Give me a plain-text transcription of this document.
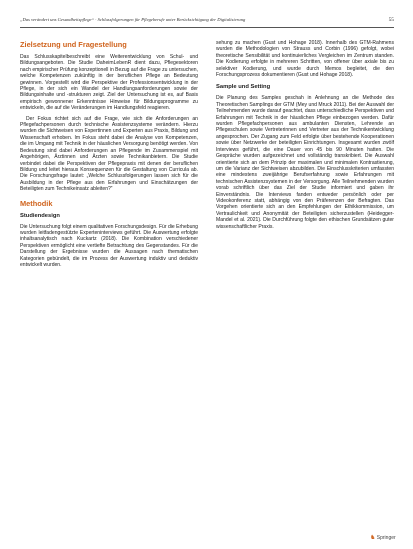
„Das verändert uns Gesundheitspflege“ · Schlussfolgerungen für Pflegeberufe unter Berücksichtigung der Digitalisierung	55
Zielsetzung und Fragestellung

Das Schlusskapitelbeschreibt eine Weiterentwicklung von Schul- und Bildungsangeboten. Die Studie DaheimLebenR dient dazu, Pflegesektoren nach empirischer Prüfung konzeptionell in Bezug auf die Frage zu untersuchen, welche Kompetenzen zukünftig in der beruflichen Pflege an Bedeutung gewinnen. Vorgestellt wird die Perspektive der Professionsentwicklung in der Pflege, in der sich ein Wandel der Handlungsanforderungen sowie der Bildungsinhalte und -strukturen zeigt. Ziel der Untersuchung ist es, auf Basis empirisch gewonnener Erkenntnisse Hinweise für Bildungsprogramme zu entwickeln, die auf die Veränderungen im Handlungsfeld reagieren.

Der Fokus richtet sich auf die Frage, wie sich die Anforderungen an Pflegefachpersonen durch technische Assistenzsysteme verändern. Hierzu wurden die Sichtweisen von Expertinnen und Experten aus Praxis, Bildung und Wissenschaft erhoben. Im Fokus steht dabei die Analyse von Kompetenzen, die im Umgang mit Technik in der häuslichen Versorgung benötigt werden. Von Bedeutung sind dabei Anforderungen an Pflegende im Zusammenspiel mit Angehörigen, Ärztinnen und Ärzten sowie Technikanbietern. Die Studie verbindet dabei die Perspektiven der Pflegepraxis mit denen der beruflichen Bildung und leitet hieraus Konsequenzen für die Gestaltung von Curricula ab. Die Forschungsfrage lautet: „Welche Schlussfolgerungen lassen sich für die Ausbildung in der Pflege aus den Erfahrungen und Einschätzungen der Beteiligten zum Technikeinsatz ableiten?“

Methodik
Studiendesign

Die Untersuchung folgt einem qualitativen Forschungsdesign. Für die Erhebung wurden leitfadengestützte Experteninterviews geführt. Die Auswertung erfolgte inhaltsanalytisch nach Kuckartz (2018). Die Kombination verschiedener Perspektiven ermöglicht eine vertiefte Betrachtung des Gegenstandes. Für die Darstellung der Ergebnisse wurden die Aussagen nach thematischen Kategorien gebündelt, die im Prozess der Auswertung induktiv und deduktiv entwickelt wurden.

sehung zu machen (Gust und Hohage 2018). Innerhalb des GTM-Rahmens wurden die Methodologien von Strauss und Corbin (1996) gefolgt, wobei theoretische Sensibilität und kontinuierliches Vergleichen im Zentrum standen. Die Kodierung erfolgte in mehreren Schritten, von offener über axiale bis zu selektiver Kodierung, und wurde durch Memos begleitet, die den Forschungsprozess dokumentieren (Gust und Hohage 2018).

Sample und Setting

Die Planung des Samples geschah in Anlehnung an die Methode des Theoretischen Samplings der GTM (Mey und Mruck 2011). Bei der Auswahl der Teilnehmenden wurde darauf geachtet, dass unterschiedliche Perspektiven und Erfahrungen mit Technik in der häuslichen Pflege einbezogen werden. Dafür wurden Pflegefachpersonen aus ambulanten Diensten, Lehrende an Pflegeschulen sowie Vertreterinnen und Vertreter aus der Technikentwicklung angesprochen. Der Zugang zum Feld erfolgte über bestehende Kooperationen sowie über Netzwerke der beteiligten Einrichtungen. Insgesamt wurden zwölf Interviews geführt, die eine Dauer von 45 bis 90 Minuten hatten. Die Gespräche wurden aufgezeichnet und vollständig transkribiert. Die Auswahl orientierte sich an dem Prinzip der maximalen und minimalen Kontrastierung, um die Varianz der Sichtweisen abzubilden. Die Einschlusskriterien umfassten eine mindestens zweijährige Berufserfahrung sowie Erfahrungen mit technischen Assistenzsystemen in der Versorgung. Alle Teilnehmenden wurden vorab schriftlich über das Ziel der Studie informiert und gaben ihr Einverständnis. Die Interviews fanden entweder persönlich oder per Videokonferenz statt, abhängig von den Präferenzen der Befragten. Das Vorgehen orientierte sich an den Empfehlungen der Ethikkommission, um Vertraulichkeit und Anonymität der Beteiligten sicherzustellen (Heidegger-Mandel et al. 2021). Die Durchführung folgte den ethischen Grundsätzen guter wissenschaftlicher Praxis.

♞ Springer
